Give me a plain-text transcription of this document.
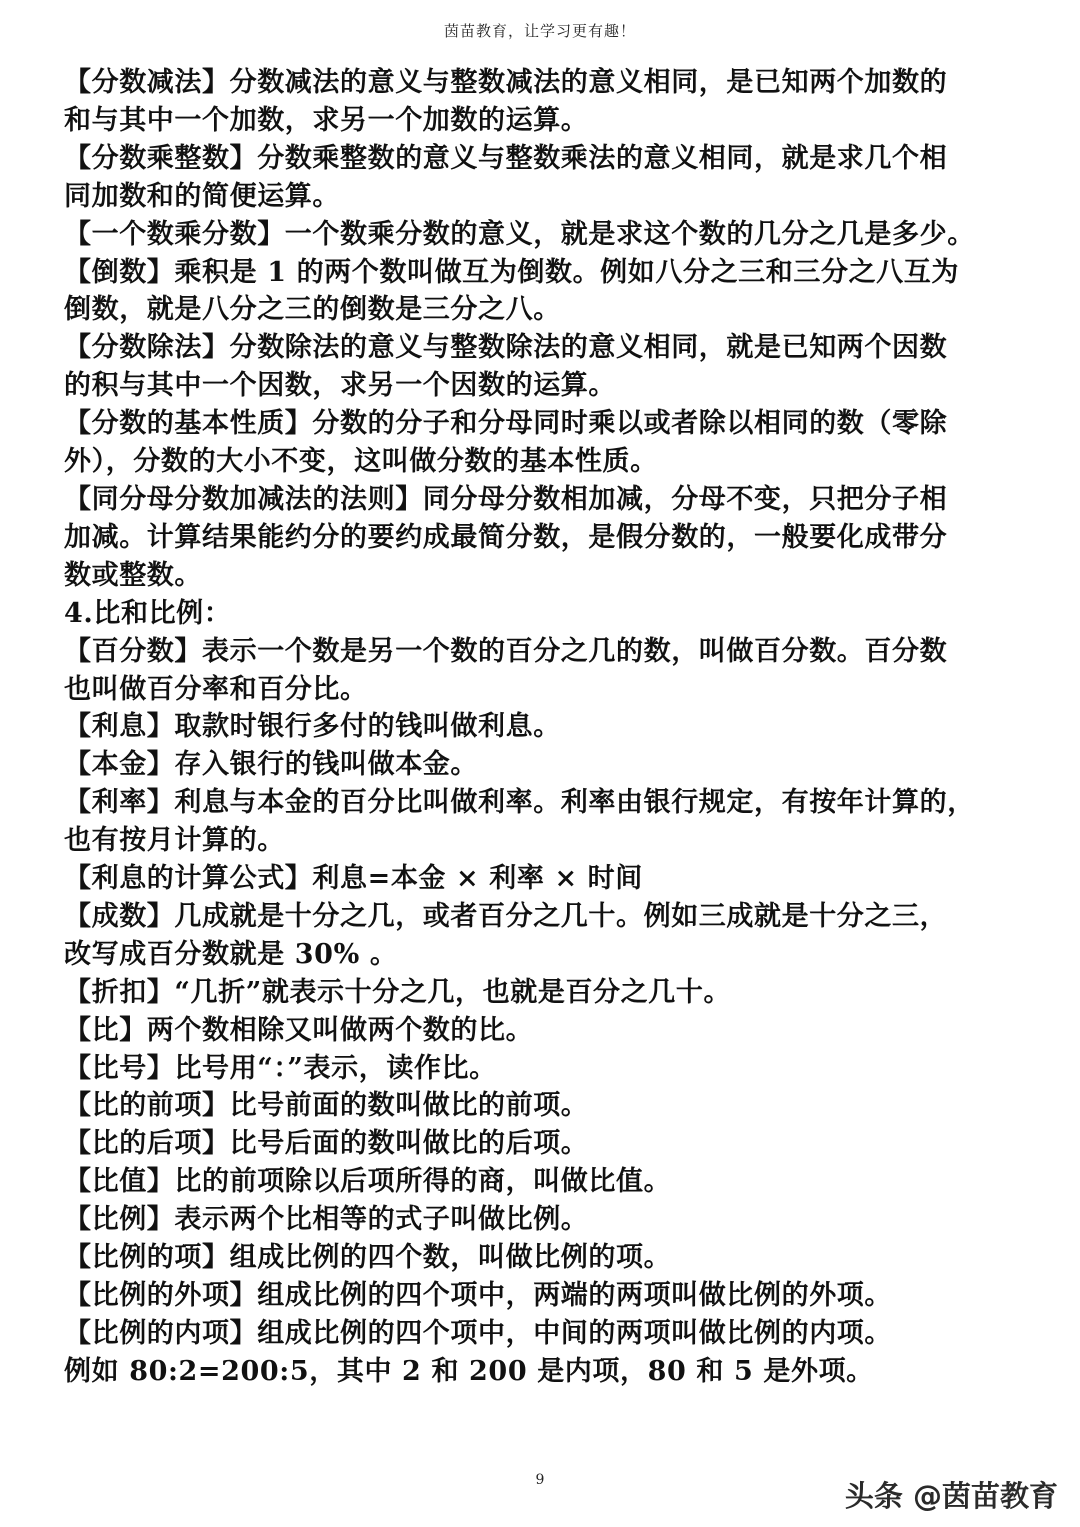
茵苗教育，让学习更有趣！
【分数减法】分数减法的意义与整数减法的意义相同，是已知两个加数的
和与其中一个加数，求另一个加数的运算。
【分数乘整数】分数乘整数的意义与整数乘法的意义相同，就是求几个相
同加数和的简便运算。
【一个数乘分数】一个数乘分数的意义，就是求这个数的几分之几是多少。
【倒数】乘积是 1 的两个数叫做互为倒数。例如八分之三和三分之八互为
倒数，就是八分之三的倒数是三分之八。
【分数除法】分数除法的意义与整数除法的意义相同，就是已知两个因数
的积与其中一个因数，求另一个因数的运算。
【分数的基本性质】分数的分子和分母同时乘以或者除以相同的数（零除
外），分数的大小不变，这叫做分数的基本性质。
【同分母分数加减法的法则】同分母分数相加减，分母不变，只把分子相
加减。计算结果能约分的要约成最简分数，是假分数的，一般要化成带分
数或整数。
4.比和比例：
【百分数】表示一个数是另一个数的百分之几的数，叫做百分数。百分数
也叫做百分率和百分比。
【利息】取款时银行多付的钱叫做利息。
【本金】存入银行的钱叫做本金。
【利率】利息与本金的百分比叫做利率。利率由银行规定，有按年计算的，
也有按月计算的。
【利息的计算公式】利息=本金 × 利率 × 时间
【成数】几成就是十分之几，或者百分之几十。例如三成就是十分之三，
改写成百分数就是 30% 。
【折扣】“几折”就表示十分之几，也就是百分之几十。
【比】两个数相除又叫做两个数的比。
【比号】比号用“：”表示，读作比。
【比的前项】比号前面的数叫做比的前项。
【比的后项】比号后面的数叫做比的后项。
【比值】比的前项除以后项所得的商，叫做比值。
【比例】表示两个比相等的式子叫做比例。
【比例的项】组成比例的四个数，叫做比例的项。
【比例的外项】组成比例的四个项中，两端的两项叫做比例的外项。
【比例的内项】组成比例的四个项中，中间的两项叫做比例的内项。
例如 80:2=200:5，其中 2 和 200 是内项，80 和 5 是外项。
9	头条 @茵苗教育
